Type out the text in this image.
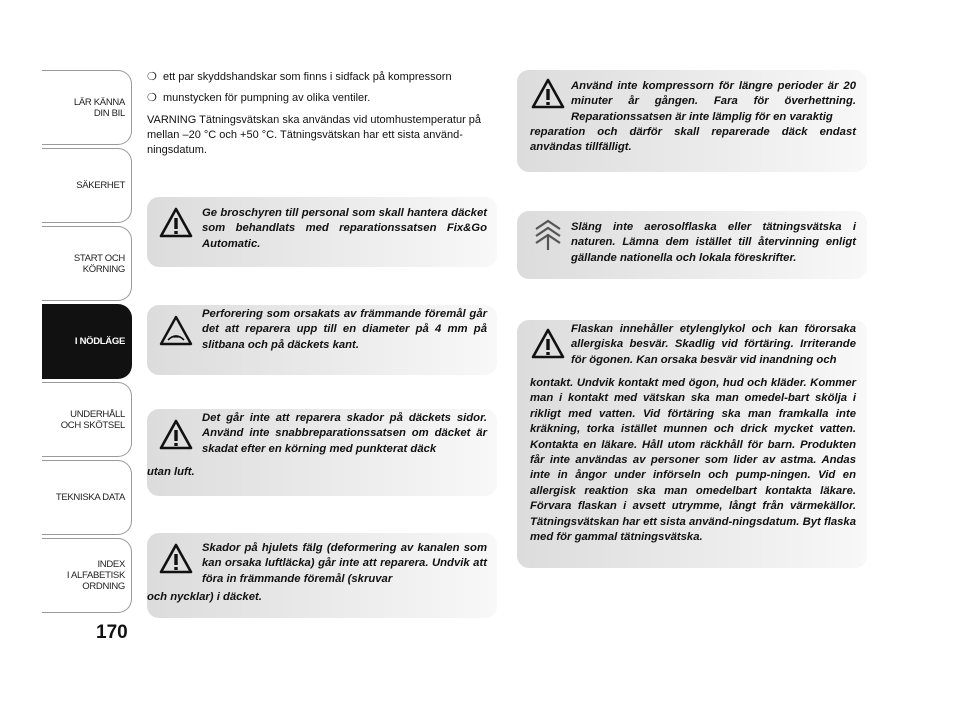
LÄR KÄNNA
DIN BIL
SÄKERHET
START OCH
KÖRNING
I NÖDLÄGE
UNDERHÅLL
OCH SKÖTSEL
TEKNISKA DATA
INDEX
I ALFABETISK
ORDNING
170
❍ ett par skyddshandskar som finns i sidfack på kompressorn
❍ munstycken för pumpning av olika ventiler.
VARNING Tätningsvätskan ska användas vid utomhustemperatur på mellan –20 °C och +50 °C. Tätningsvätskan har ett sista använd-ningsdatum.
Ge broschyren till personal som skall hantera däcket som behandlats med reparationssatsen Fix&Go Automatic.
Perforering som orsakats av främmande föremål går det att reparera upp till en diameter på 4 mm på slitbana och på däckets kant.
Det går inte att reparera skador på däckets sidor. Använd inte snabbreparationssatsen om däcket är skadat efter en körning med punkterat däck
utan luft.
Skador på hjulets fälg (deformering av kanalen som kan orsaka luftläcka) går inte att reparera. Undvik att föra in främmande föremål (skruvar
och nycklar) i däcket.
Använd inte kompressorn för längre perioder är 20 minuter år gången. Fara för överhettning. Reparationssatsen är inte lämplig för en varaktig
reparation och därför skall reparerade däck endast användas tillfälligt.
Släng inte aerosolflaska eller tätningsvätska i naturen. Lämna dem istället till återvinning enligt gällande nationella och lokala föreskrifter.
Flaskan innehåller etylenglykol och kan förorsaka allergiska besvär. Skadlig vid förtäring. Irriterande för ögonen. Kan orsaka besvär vid inandning och
kontakt. Undvik kontakt med ögon, hud och kläder. Kommer man i kontakt med vätskan ska man omedel-bart skölja i rikligt med vatten. Vid förtäring ska man framkalla inte kräkning, torka istället munnen och drick mycket vatten. Kontakta en läkare. Håll utom räckhåll för barn. Produkten får inte användas av personer som lider av astma. Andas inte in ångor under införseln och pump-ningen. Vid en allergisk reaktion ska man omedelbart kontakta läkare. Förvara flaskan i avsett utrymme, långt från värmekällor. Tätningsvätskan har ett sista använd-ningsdatum. Byt flaska med för gammal tätningsvätska.
